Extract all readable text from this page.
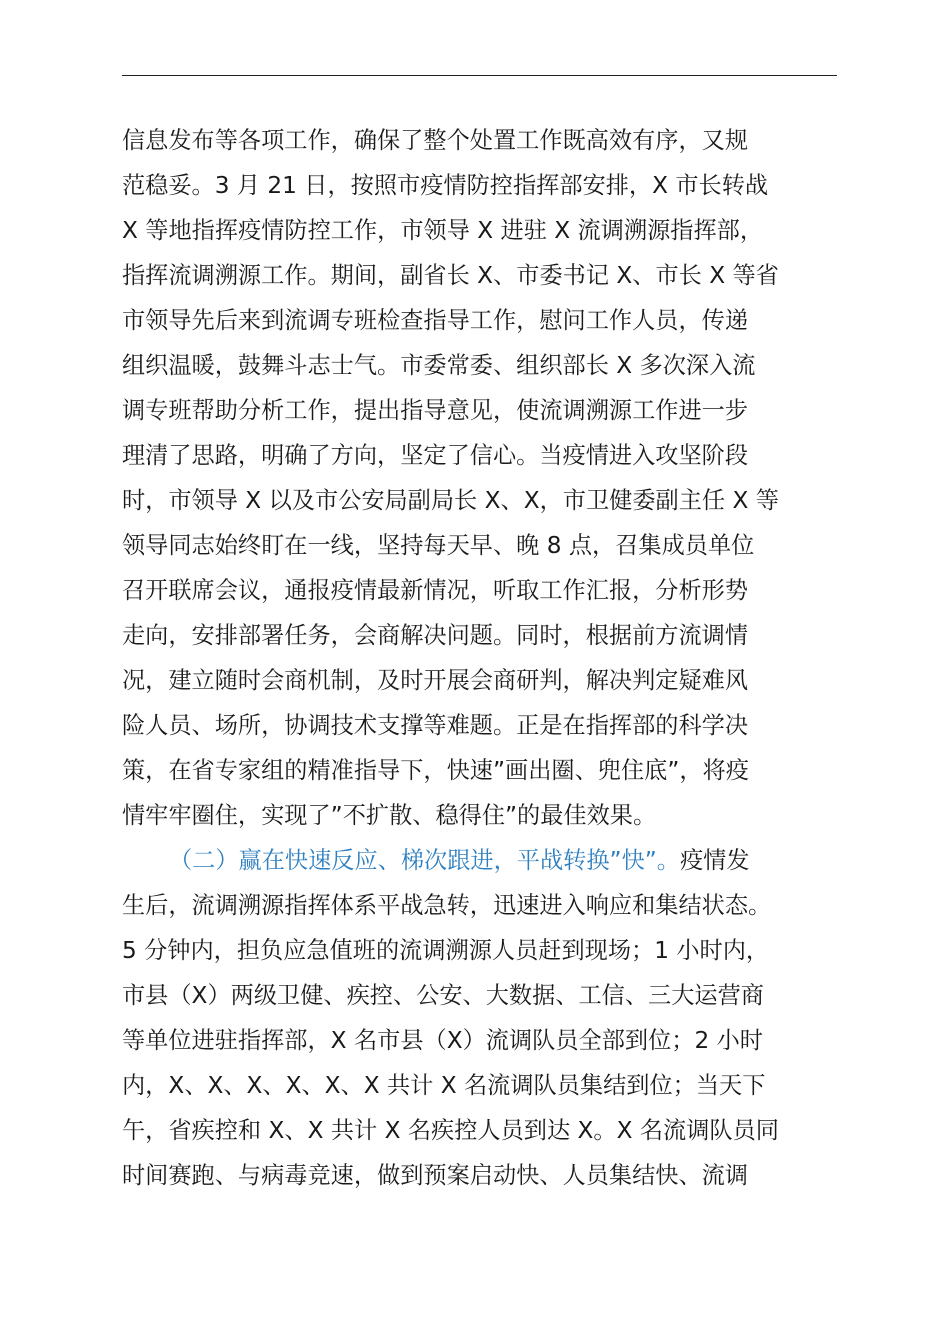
信息发布等各项工作，确保了整个处置工作既高效有序，又规
范稳妥。3 月 21 日，按照市疫情防控指挥部安排，X 市长转战
X 等地指挥疫情防控工作，市领导 X 进驻 X 流调溯源指挥部，
指挥流调溯源工作。期间，副省长 X、市委书记 X、市长 X 等省
市领导先后来到流调专班检查指导工作，慰问工作人员，传递
组织温暖，鼓舞斗志士气。市委常委、组织部长 X 多次深入流
调专班帮助分析工作，提出指导意见，使流调溯源工作进一步
理清了思路，明确了方向，坚定了信心。当疫情进入攻坚阶段
时，市领导 X 以及市公安局副局长 X、X，市卫健委副主任 X 等
领导同志始终盯在一线，坚持每天早、晚 8 点，召集成员单位
召开联席会议，通报疫情最新情况，听取工作汇报，分析形势
走向，安排部署任务，会商解决问题。同时，根据前方流调情
况，建立随时会商机制，及时开展会商研判，解决判定疑难风
险人员、场所，协调技术支撑等难题。正是在指挥部的科学决
策，在省专家组的精准指导下，快速”画出圈、兜住底”，将疫
情牢牢圈住，实现了”不扩散、稳得住”的最佳效果。
（二）赢在快速反应、梯次跟进，平战转换”快”。疫情发
生后，流调溯源指挥体系平战急转，迅速进入响应和集结状态。
5 分钟内，担负应急值班的流调溯源人员赶到现场；1 小时内，
市县（X）两级卫健、疾控、公安、大数据、工信、三大运营商
等单位进驻指挥部，X 名市县（X）流调队员全部到位；2 小时
内，X、X、X、X、X、X 共计 X 名流调队员集结到位；当天下
午，省疾控和 X、X 共计 X 名疾控人员到达 X。X 名流调队员同
时间赛跑、与病毒竞速，做到预案启动快、人员集结快、流调
